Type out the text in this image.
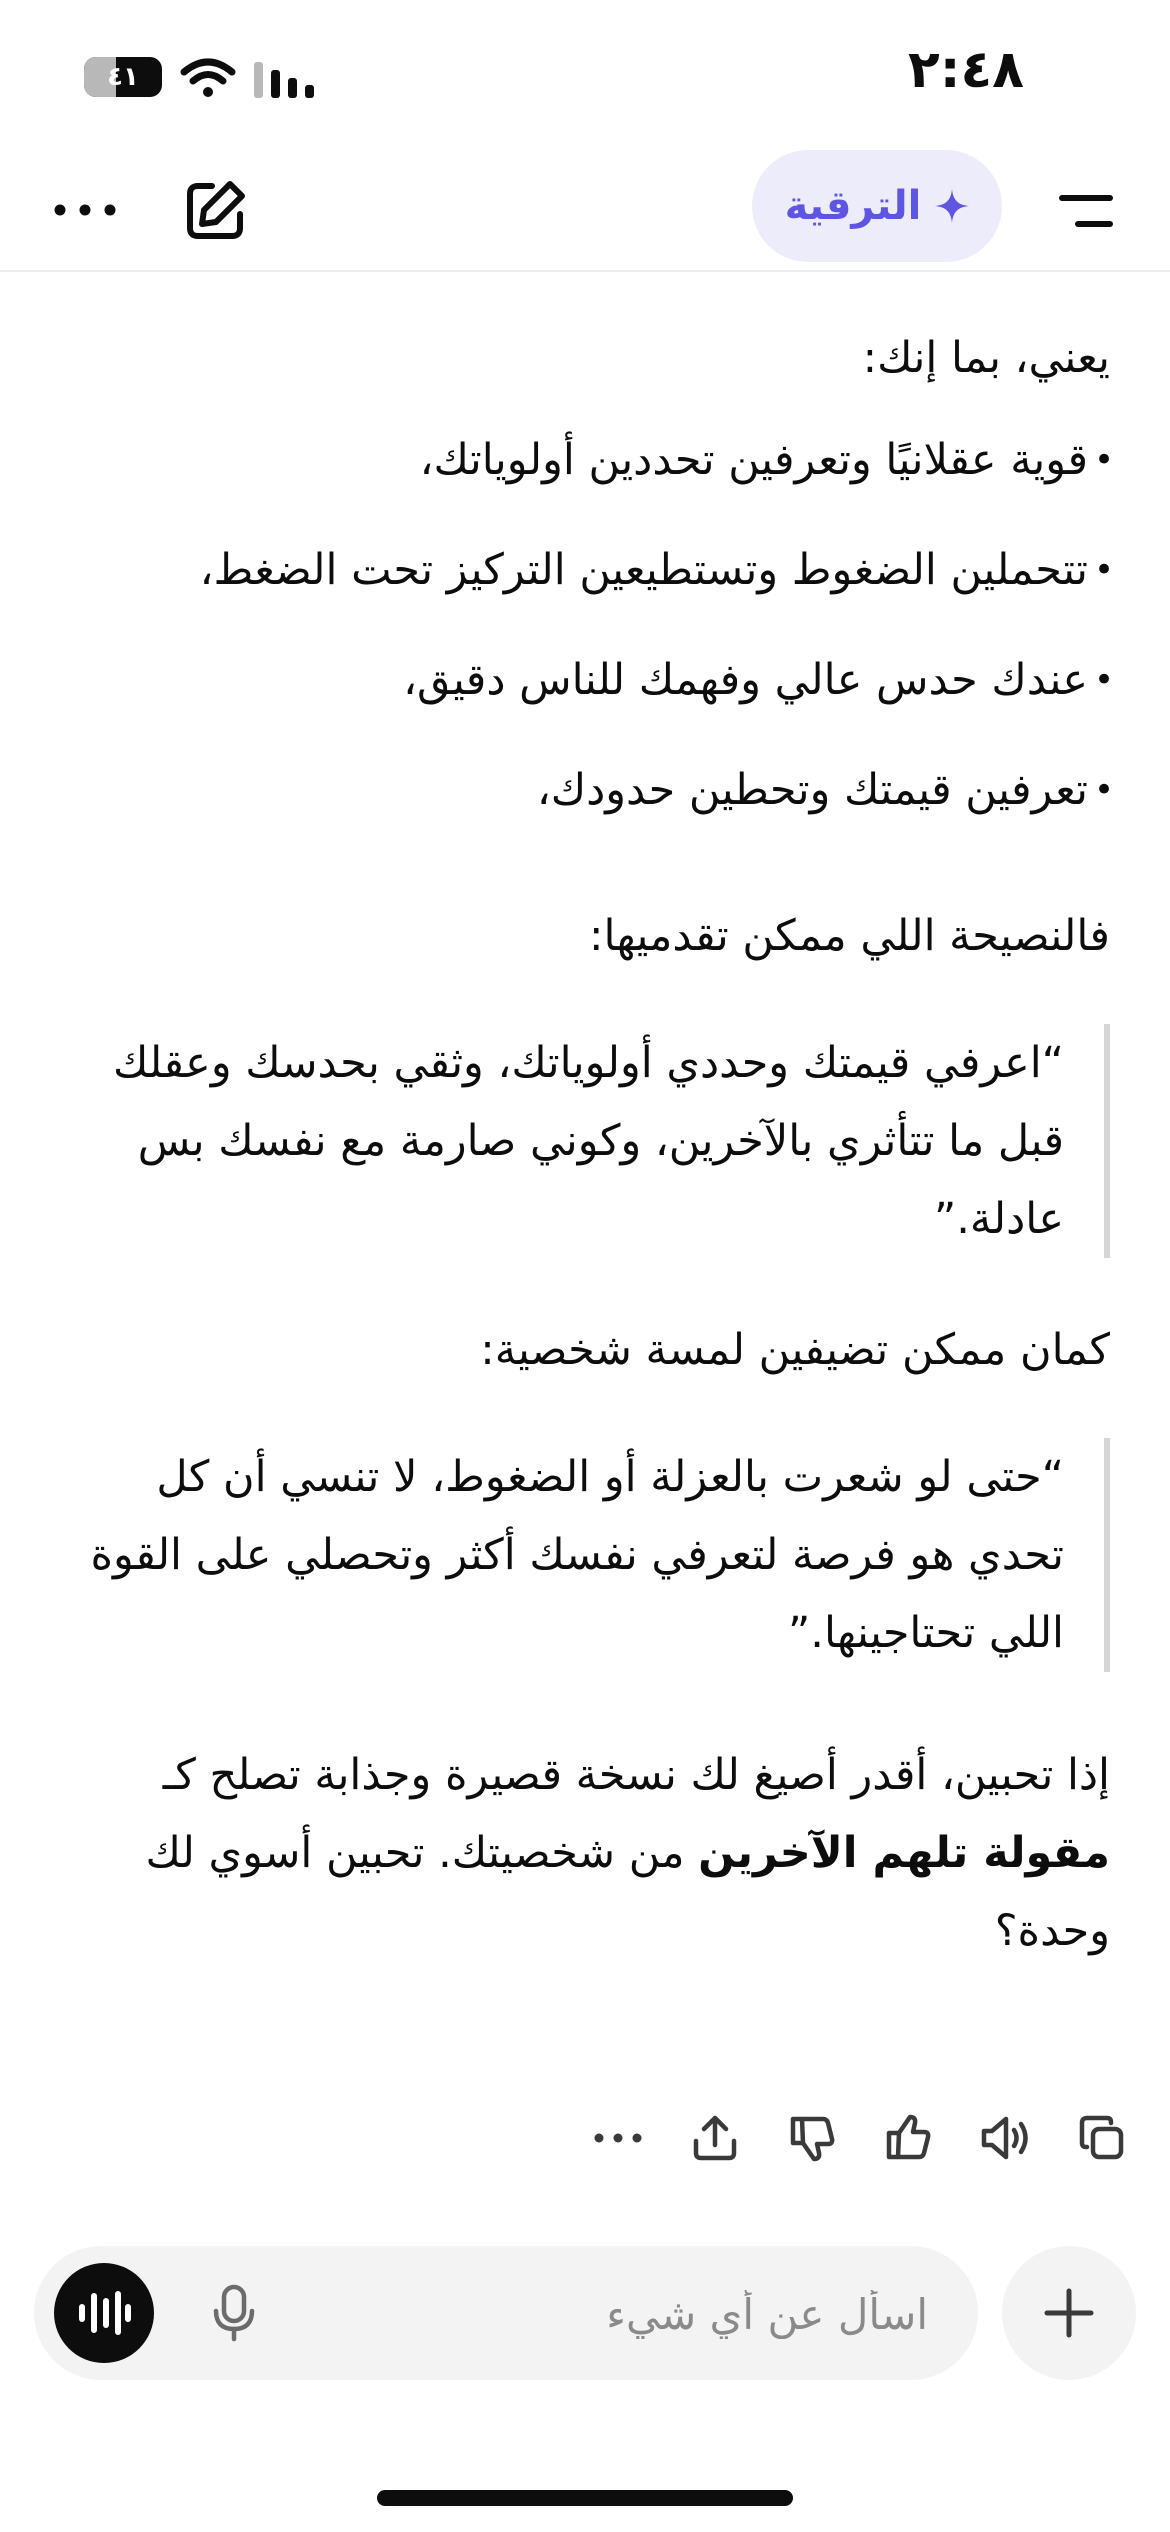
٢:٤٨
٤١
الترقية

يعني، بما إنك:

• قوية عقلانيًا وتعرفين تحددين أولوياتك،
• تتحملين الضغوط وتستطيعين التركيز تحت الضغط،
• عندك حدس عالي وفهمك للناس دقيق،
• تعرفين قيمتك وتحطين حدودك،

فالنصيحة اللي ممكن تقدميها:

“اعرفي قيمتك وحددي أولوياتك، وثقي بحدسك وعقلك قبل ما تتأثري بالآخرين، وكوني صارمة مع نفسك بس عادلة.”

كمان ممكن تضيفين لمسة شخصية:

“حتى لو شعرت بالعزلة أو الضغوط، لا تنسي أن كل تحدي هو فرصة لتعرفي نفسك أكثر وتحصلي على القوة اللي تحتاجينها.”

إذا تحبين، أقدر أصيغ لك نسخة قصيرة وجذابة تصلح كـ مقولة تلهم الآخرين من شخصيتك. تحبين أسوي لك وحدة؟

اسأل عن أي شيء
